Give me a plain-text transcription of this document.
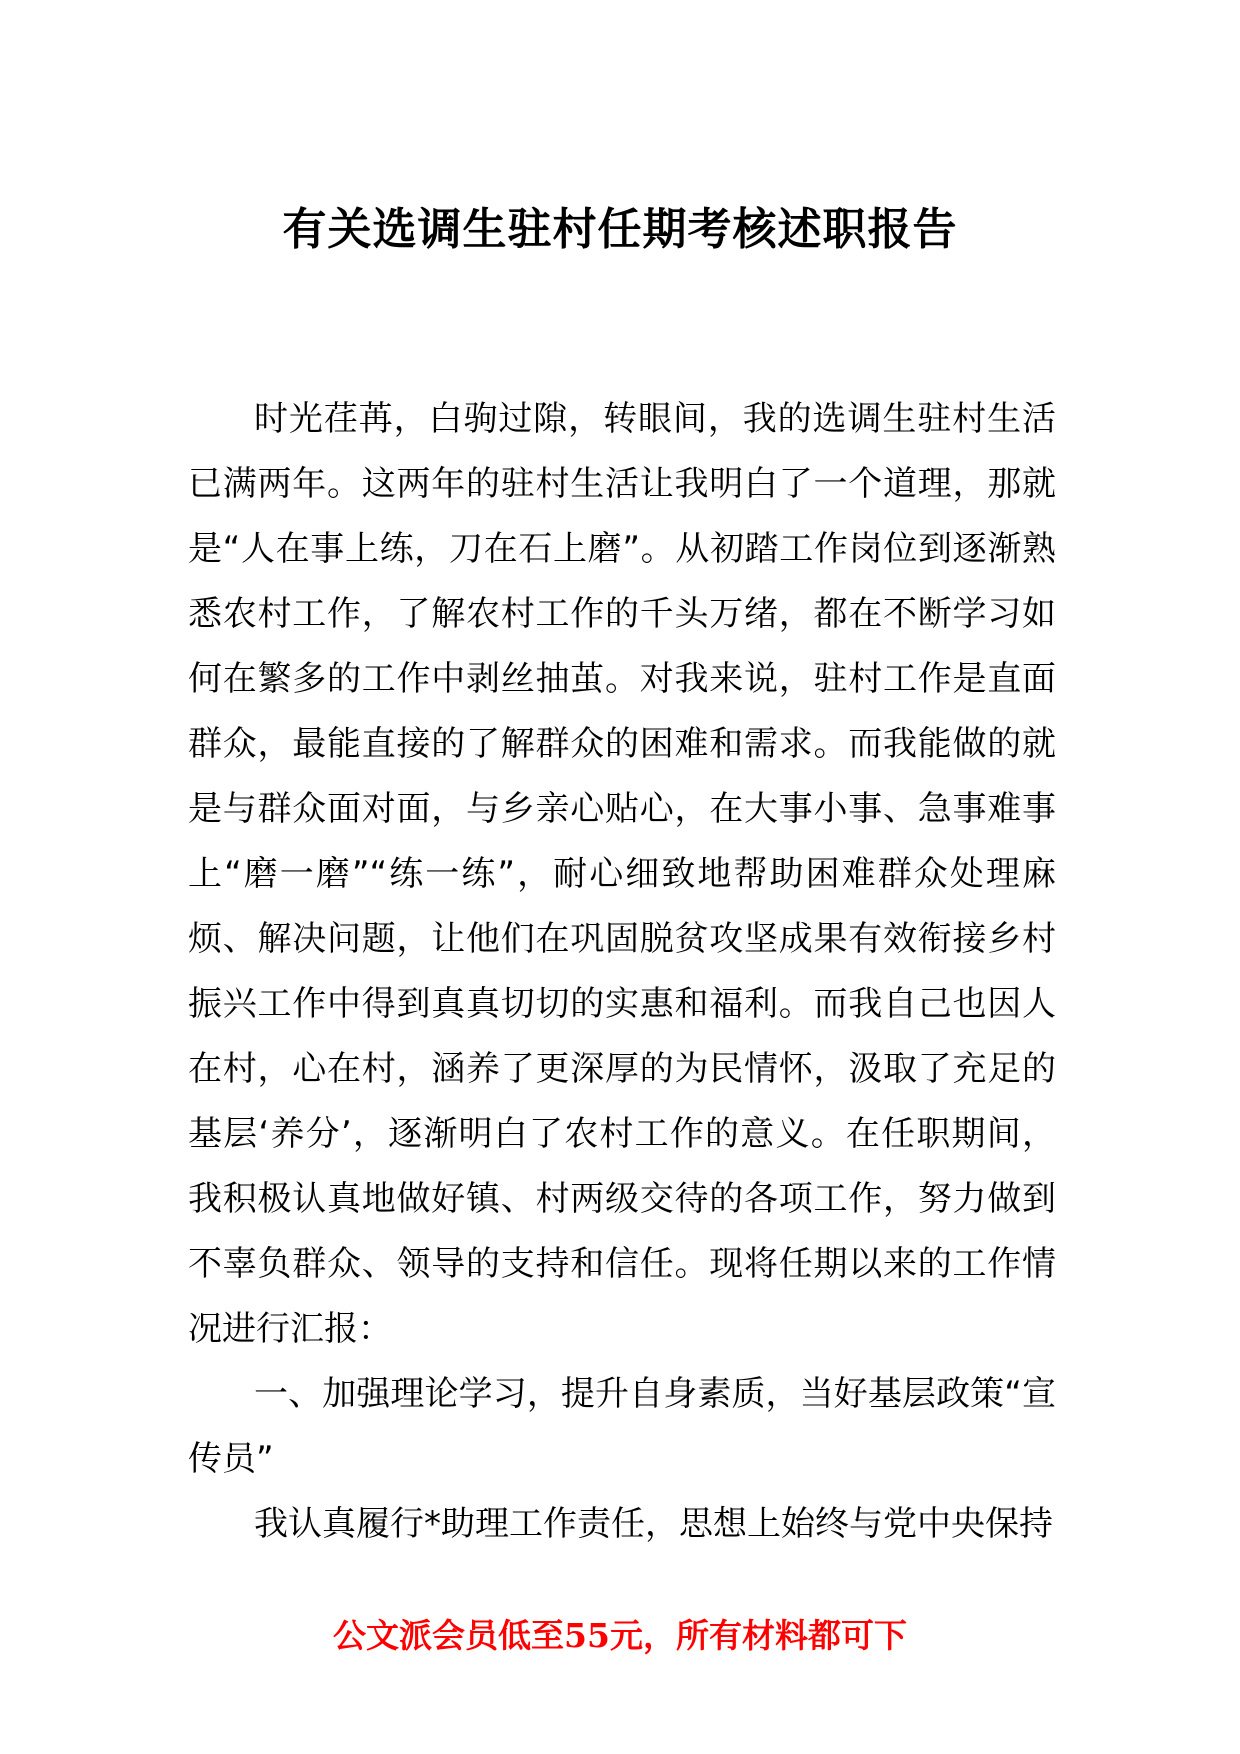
有关选调生驻村任期考核述职报告

时光荏苒，白驹过隙，转眼间，我的选调生驻村生活已满两年。这两年的驻村生活让我明白了一个道理，那就是“人在事上练，刀在石上磨”。从初踏工作岗位到逐渐熟悉农村工作，了解农村工作的千头万绪，都在不断学习如何在繁多的工作中剥丝抽茧。对我来说，驻村工作是直面群众，最能直接的了解群众的困难和需求。而我能做的就是与群众面对面，与乡亲心贴心，在大事小事、急事难事上“磨一磨”“练一练”，耐心细致地帮助困难群众处理麻烦、解决问题，让他们在巩固脱贫攻坚成果有效衔接乡村振兴工作中得到真真切切的实惠和福利。而我自己也因人在村，心在村，涵养了更深厚的为民情怀，汲取了充足的基层‘养分’，逐渐明白了农村工作的意义。在任职期间，我积极认真地做好镇、村两级交待的各项工作，努力做到不辜负群众、领导的支持和信任。现将任期以来的工作情况进行汇报：

一、加强理论学习，提升自身素质，当好基层政策“宣传员”

我认真履行*助理工作责任，思想上始终与党中央保持

公文派会员低至55元，所有材料都可下
